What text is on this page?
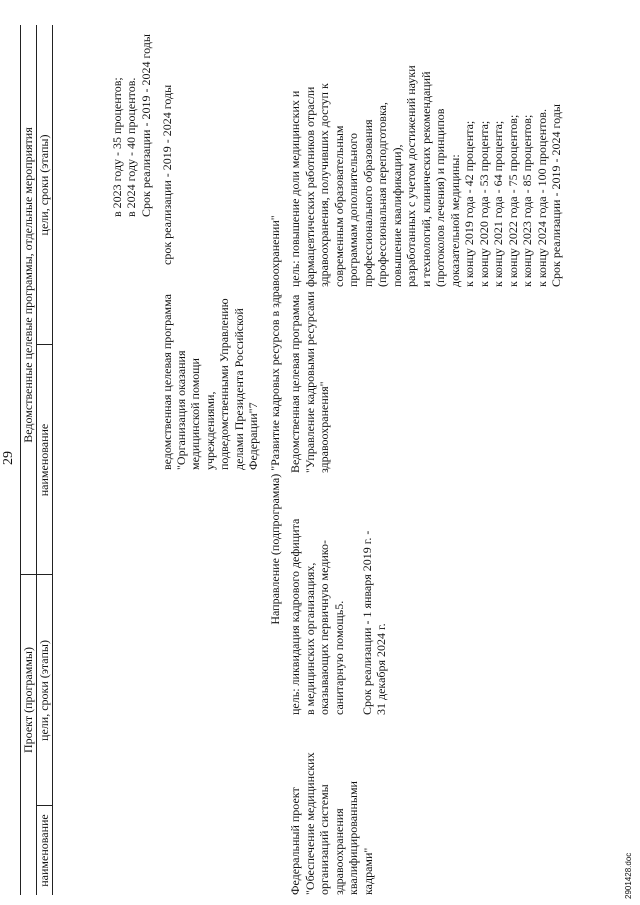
29
Проект (программы)
Ведомственные целевые программы, отдельные мероприятия
наименование
цели, сроки (этапы)
наименование
цели, сроки (этапы)	в 2023 году - 35 процентов; в 2024 году - 40 процентов. Срок реализации - 2019 - 2024 годы
ведомственная целевая программа "Организация оказания медицинской помощи учреждениями, подведомственными Управлению делами Президента Российской Федерации"7
срок реализации - 2019 - 2024 годы
Направление (подпрограмма) "Развитие кадровых ресурсов в здравоохранении"
Федеральный проект "Обеспечение медицинских организаций системы здравоохранения квалифицированными кадрами"
цель: ликвидация кадрового дефицита в медицинских организациях, оказывающих первичную медико- санитарную помощь5. Срок реализации - 1 января 2019 г. - 31 декабря 2024 г.
Ведомственная целевая программа "Управление кадровыми ресурсами здравоохранения"
цель: повышение доли медицинских и фармацевтических работников отрасли здравоохранения, получивших доступ к современным образовательным программам дополнительного профессионального образования (профессиональная переподготовка, повышение квалификации), разработанных с учетом достижений науки и технологий, клинических рекомендаций (протоколов лечения) и принципов доказательной медицины: к концу 2019 года - 42 процента; к концу 2020 года - 53 процента; к концу 2021 года - 64 процента; к концу 2022 года - 75 процентов; к концу 2023 года - 85 процентов; к концу 2024 года - 100 процентов. Срок реализации - 2019 - 2024 годы
2901428.doc
